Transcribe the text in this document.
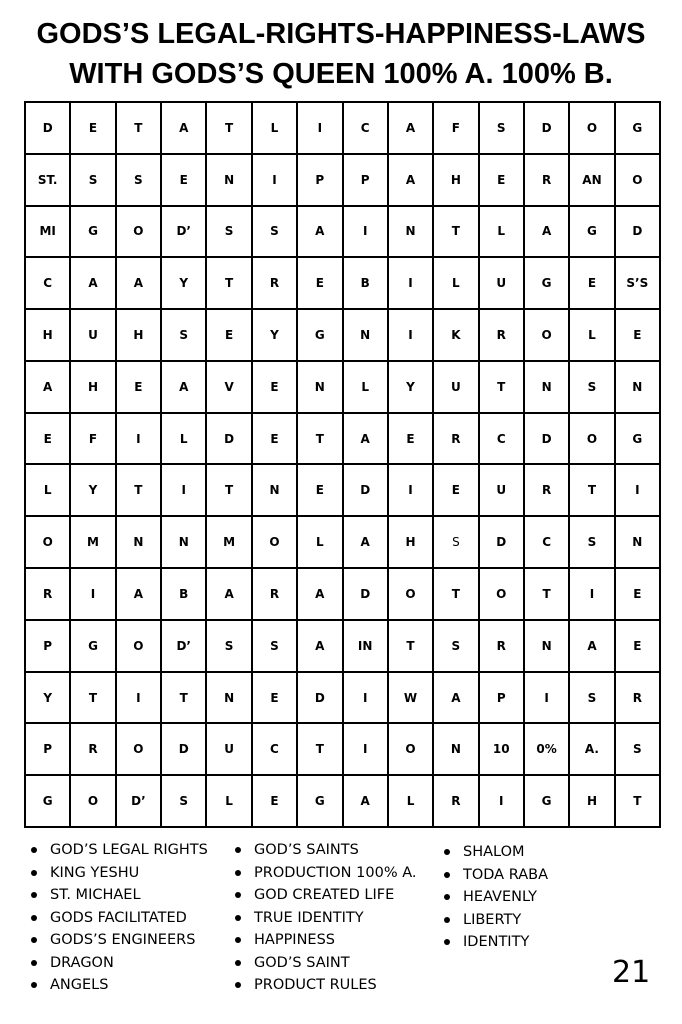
GODS’S LEGAL-RIGHTS-HAPPINESS-LAWS
WITH GODS’S QUEEN 100% A. 100% B.
D	E	T	A	T	L	I	C	A	F	S	D	O	G
ST.	S	S	E	N	I	P	P	A	H	E	R	AN	O
MI	G	O	D’	S	S	A	I	N	T	L	A	G	D
C	A	A	Y	T	R	E	B	I	L	U	G	E	S’S
H	U	H	S	E	Y	G	N	I	K	R	O	L	E
A	H	E	A	V	E	N	L	Y	U	T	N	S	N
E	F	I	L	D	E	T	A	E	R	C	D	O	G
L	Y	T	I	T	N	E	D	I	E	U	R	T	I
O	M	N	N	M	O	L	A	H	S	D	C	S	N
R	I	A	B	A	R	A	D	O	T	O	T	I	E
P	G	O	D’	S	S	A	IN	T	S	R	N	A	E
Y	T	I	T	N	E	D	I	W	A	P	I	S	R
P	R	O	D	U	C	T	I	O	N	10	0%	A.	S
G	O	D’	S	L	E	G	A	L	R	I	G	H	T
GOD’S LEGAL RIGHTS
KING YESHU
ST. MICHAEL
GODS FACILITATED
GODS’S ENGINEERS
DRAGON
ANGELS
GOD’S SAINTS
PRODUCTION 100% A.
GOD CREATED LIFE
TRUE IDENTITY
HAPPINESS
GOD’S SAINT
PRODUCT RULES
SHALOM
TODA RABA
HEAVENLY
LIBERTY
IDENTITY
21
